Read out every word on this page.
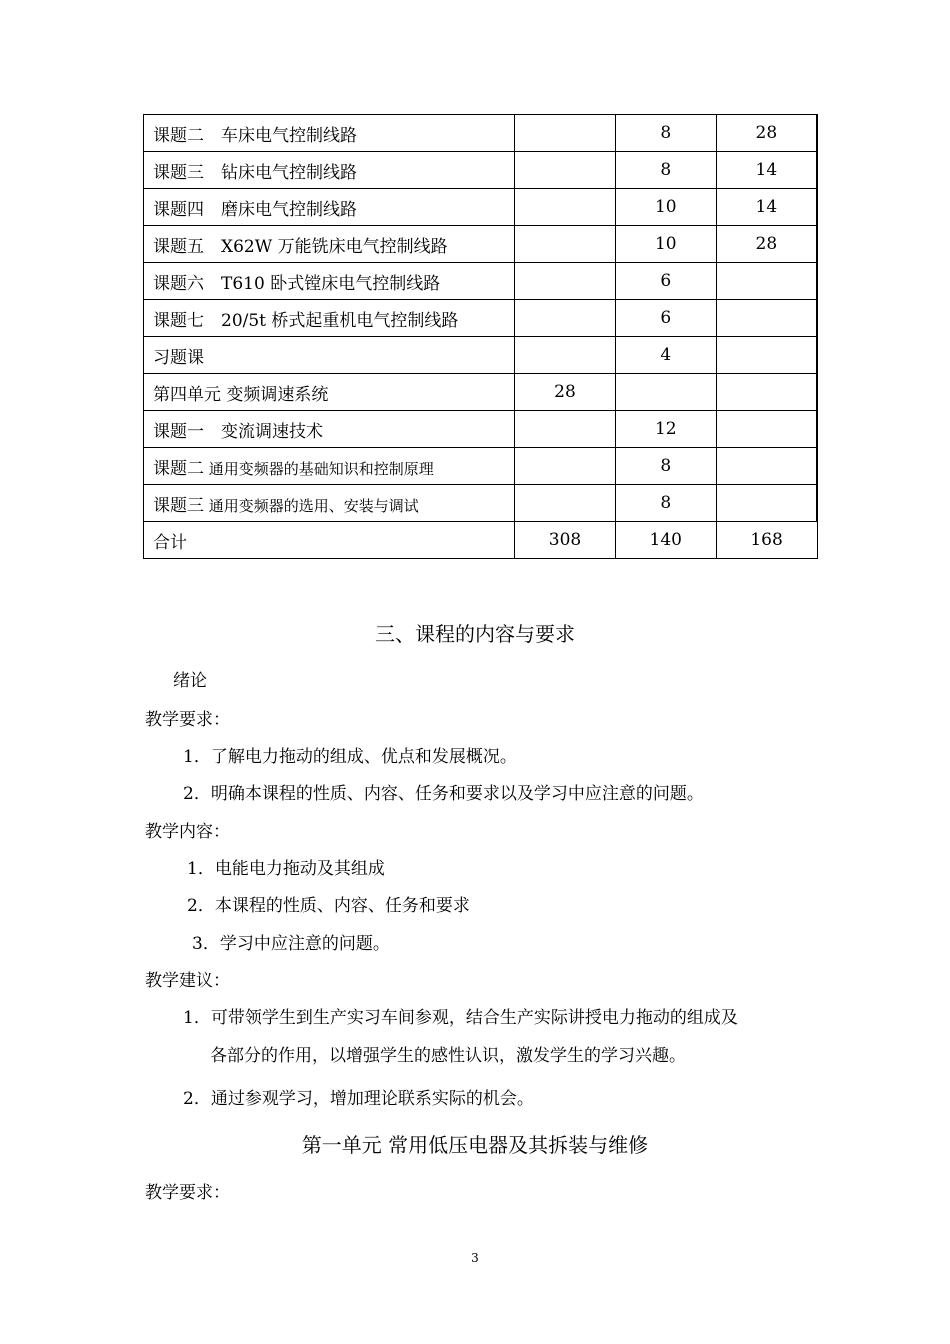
课题二　车床电气控制线路		8	28
课题三　钻床电气控制线路		8	14
课题四　磨床电气控制线路		10	14
课题五　X62W 万能铣床电气控制线路		10	28
课题六　T610 卧式镗床电气控制线路		6	
课题七　20/5t 桥式起重机电气控制线路		6	
习题课		4	
第四单元 变频调速系统	28		
课题一　变流调速技术		12	
课题二 通用变频器的基础知识和控制原理		8	
课题三 通用变频器的选用、安装与调试		8	
合计	308	140	168
三、课程的内容与要求
绪论
教学要求：
1．了解电力拖动的组成、优点和发展概况。
2．明确本课程的性质、内容、任务和要求以及学习中应注意的问题。
教学内容：
1．电能电力拖动及其组成
2．本课程的性质、内容、任务和要求
3．学习中应注意的问题。
教学建议：
1．可带领学生到生产实习车间参观，结合生产实际讲授电力拖动的组成及
各部分的作用，以增强学生的感性认识，激发学生的学习兴趣。
2．通过参观学习，增加理论联系实际的机会。
第一单元 常用低压电器及其拆装与维修
教学要求：
3
